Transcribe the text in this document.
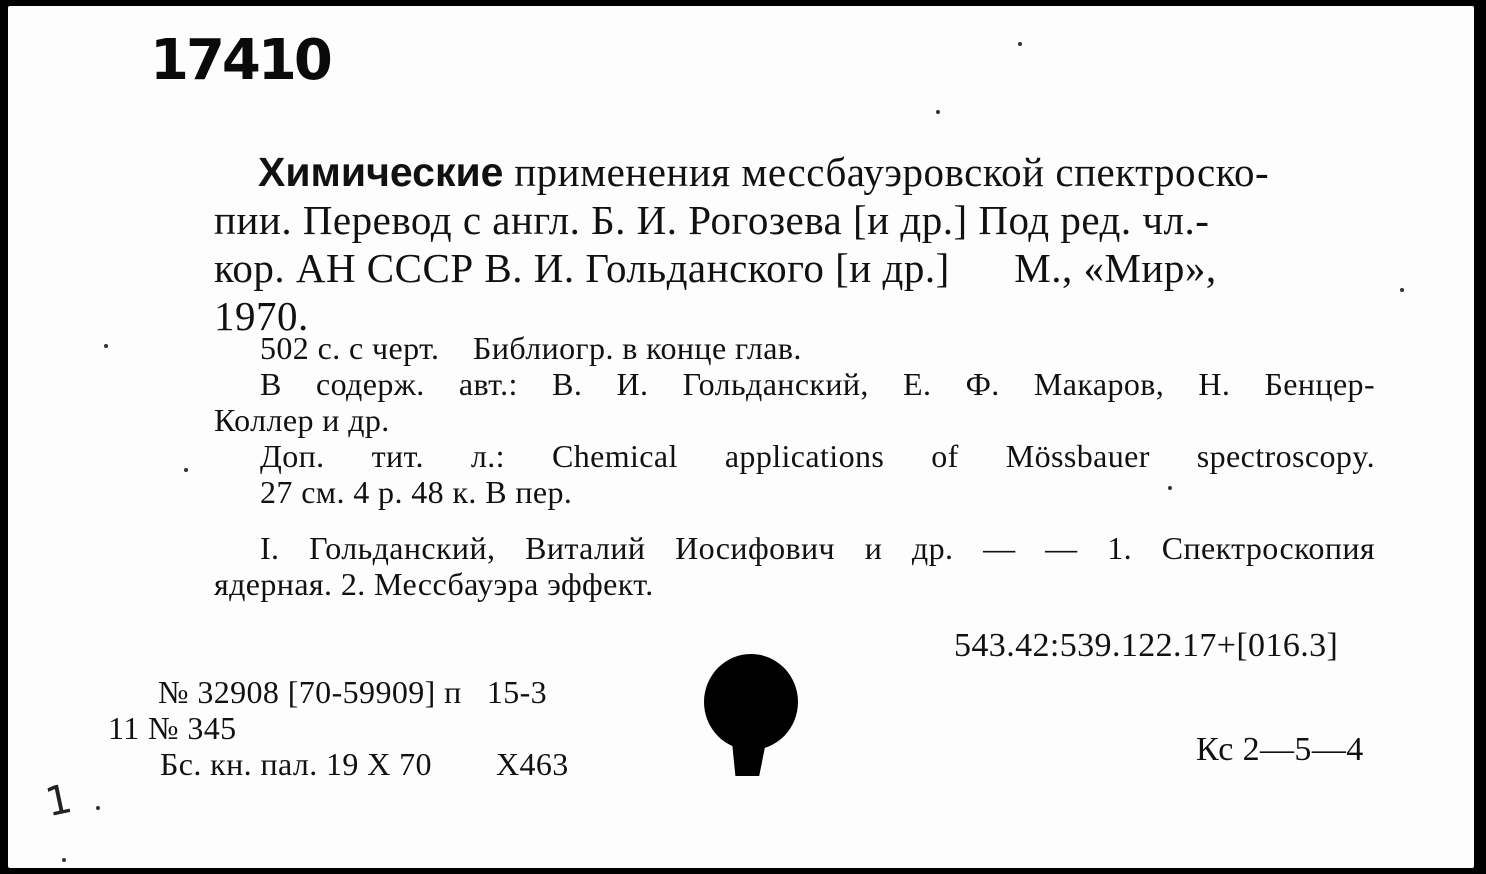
17410
Химические применения мессбауэровской спектроско-
пии. Перевод с англ. Б. И. Рогозева [и др.] Под ред. чл.-
кор. АН СССР В. И. Гольданского [и др.]      М., «Мир»,
1970.
502 с. с черт.    Библиогр. в конце глав.
В содерж. авт.: В. И. Гольданский, Е. Ф. Макаров, Н. Бенцер-
Коллер и др.
Доп. тит. л.: Chemical applications of Mössbauer spectroscopy.
27 см. 4 р. 48 к. В пер.
I. Гольданский, Виталий Иосифович и др. — — 1. Спектроскопия
ядерная. 2. Мессбауэра эффект.
543.42:539.122.17+[016.3]
Кс 2—5—4
№ 32908 [70-59909] п   15-3
11 № 345
Бс. кн. пал. 19 X 70 X463
1
